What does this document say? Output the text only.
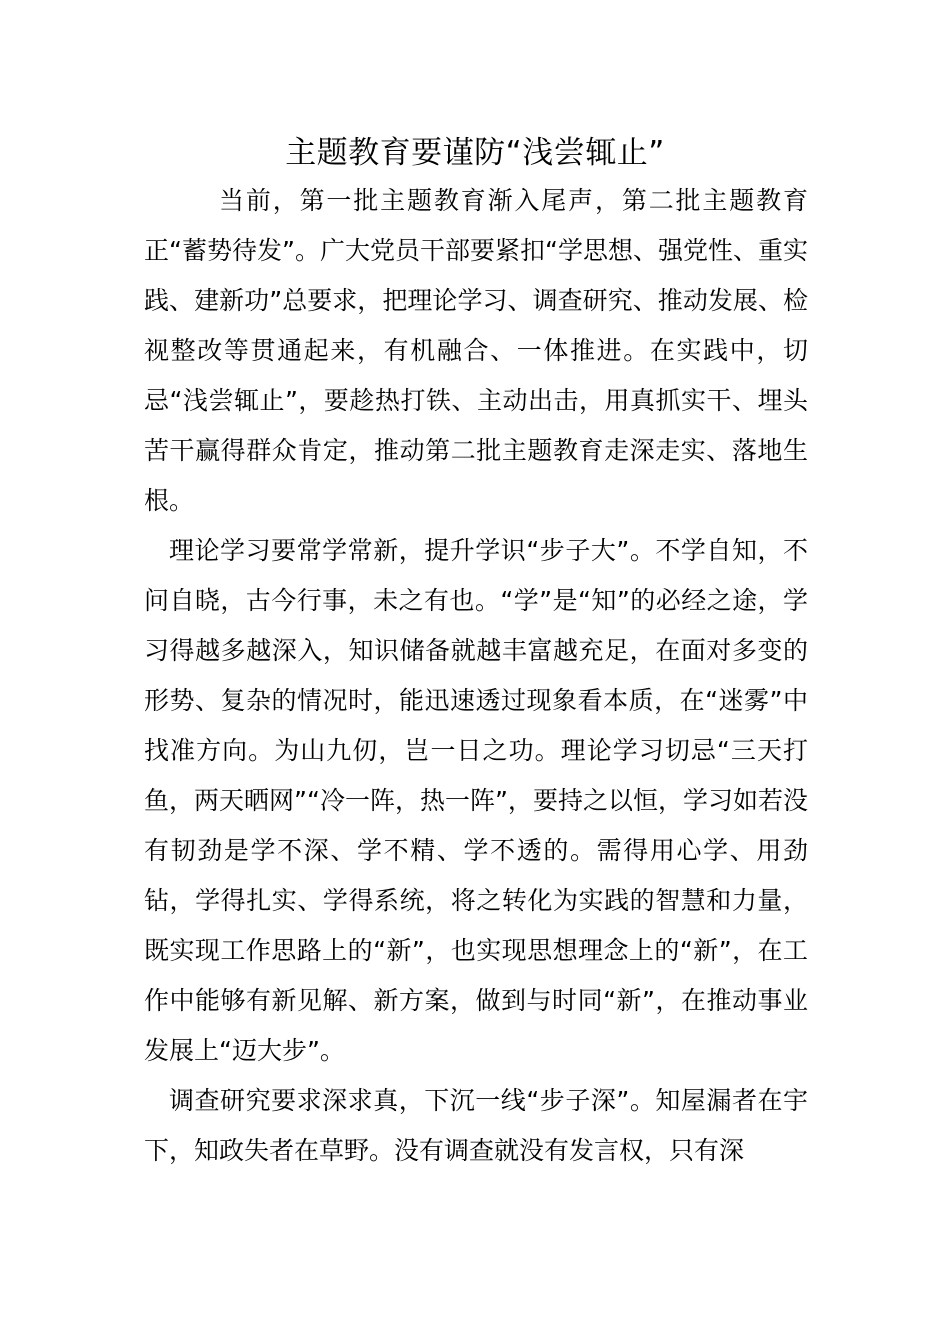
主题教育要谨防“浅尝辄止”

当前，第一批主题教育渐入尾声，第二批主题教育正“蓄势待发”。广大党员干部要紧扣“学思想、强党性、重实践、建新功”总要求，把理论学习、调查研究、推动发展、检视整改等贯通起来，有机融合、一体推进。在实践中，切忌“浅尝辄止”，要趁热打铁、主动出击，用真抓实干、埋头苦干赢得群众肯定，推动第二批主题教育走深走实、落地生根。

理论学习要常学常新，提升学识“步子大”。不学自知，不问自晓，古今行事，未之有也。“学”是“知”的必经之途，学习得越多越深入，知识储备就越丰富越充足，在面对多变的形势、复杂的情况时，能迅速透过现象看本质，在“迷雾”中找准方向。为山九仞，岂一日之功。理论学习切忌“三天打鱼，两天晒网”“冷一阵，热一阵”，要持之以恒，学习如若没有韧劲是学不深、学不精、学不透的。需得用心学、用劲钻，学得扎实、学得系统，将之转化为实践的智慧和力量，既实现工作思路上的“新”，也实现思想理念上的“新”，在工作中能够有新见解、新方案，做到与时同“新”，在推动事业发展上“迈大步”。

调查研究要求深求真，下沉一线“步子深”。知屋漏者在宇下，知政失者在草野。没有调查就没有发言权，只有深
